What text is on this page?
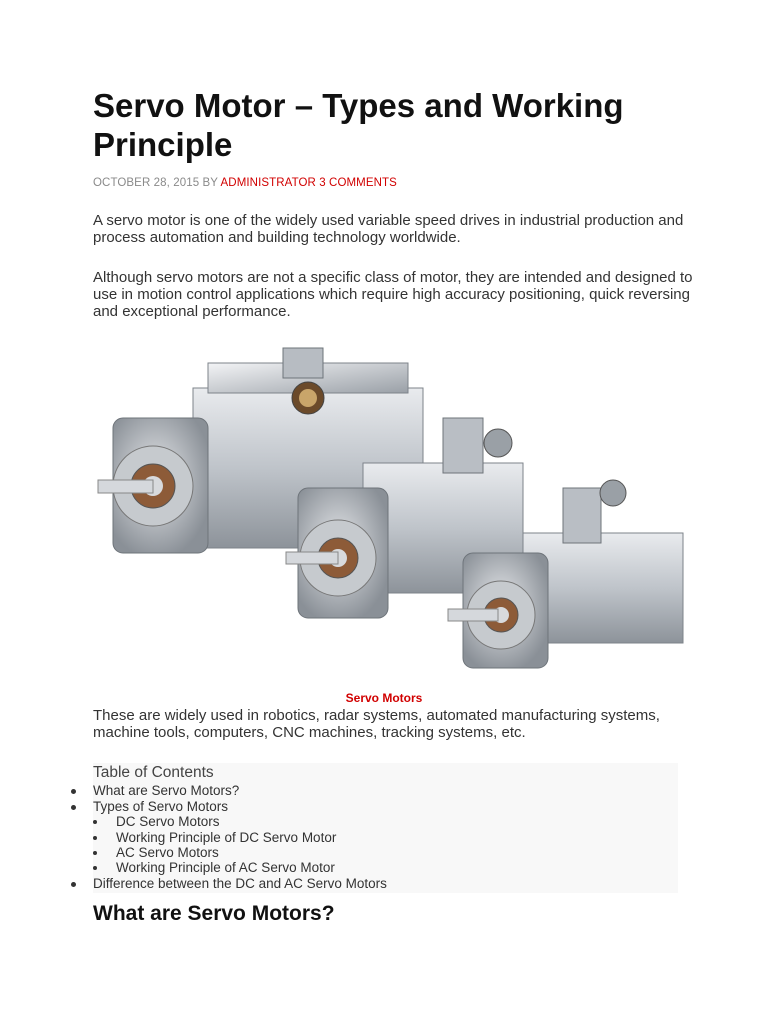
Servo Motor – Types and Working Principle
OCTOBER 28, 2015 BY ADMINISTRATOR 3 COMMENTS

A servo motor is one of the widely used variable speed drives in industrial production and process automation and building technology worldwide.

Although servo motors are not a specific class of motor, they are intended and designed to use in motion control applications which require high accuracy positioning, quick reversing and exceptional performance.

Servo Motors

These are widely used in robotics, radar systems, automated manufacturing systems, machine tools, computers, CNC machines, tracking systems, etc.

Table of Contents
What are Servo Motors?
Types of Servo Motors
DC Servo Motors
Working Principle of DC Servo Motor
AC Servo Motors
Working Principle of AC Servo Motor
Difference between the DC and AC Servo Motors
What are Servo Motors?
